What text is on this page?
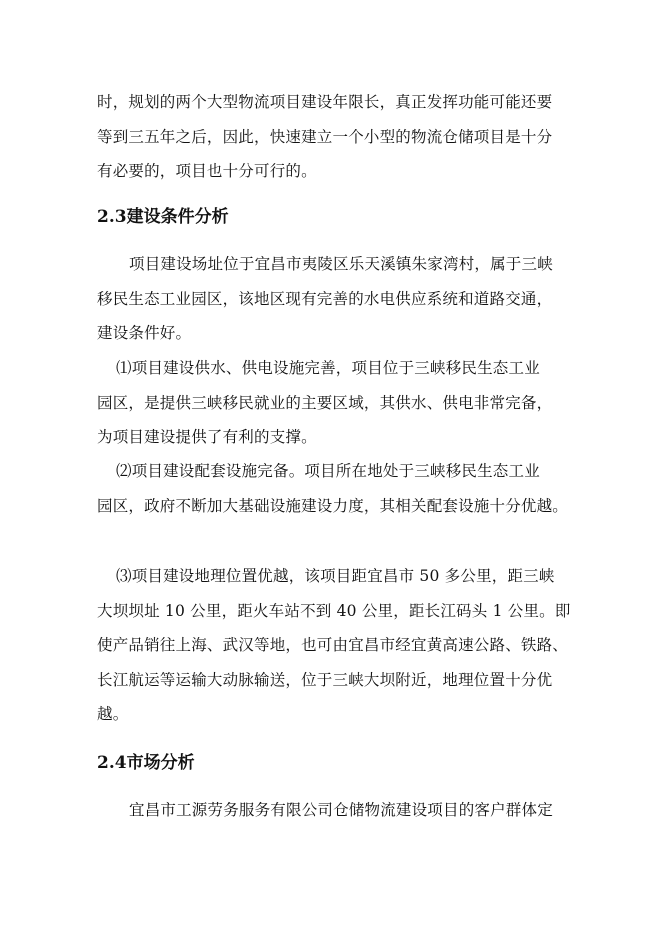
时，规划的两个大型物流项目建设年限长，真正发挥功能可能还要
等到三五年之后，因此，快速建立一个小型的物流仓储项目是十分
有必要的，项目也十分可行的。
2.3建设条件分析
项目建设场址位于宜昌市夷陵区乐天溪镇朱家湾村，属于三峡
移民生态工业园区，该地区现有完善的水电供应系统和道路交通，
建设条件好。
⑴项目建设供水、供电设施完善，项目位于三峡移民生态工业
园区，是提供三峡移民就业的主要区域，其供水、供电非常完备，
为项目建设提供了有利的支撑。
⑵项目建设配套设施完备。项目所在地处于三峡移民生态工业
园区，政府不断加大基础设施建设力度，其相关配套设施十分优越。
⑶项目建设地理位置优越，该项目距宜昌市 50 多公里，距三峡
大坝坝址 10 公里，距火车站不到 40 公里，距长江码头 1 公里。即
使产品销往上海、武汉等地，也可由宜昌市经宜黄高速公路、铁路、
长江航运等运输大动脉输送，位于三峡大坝附近，地理位置十分优
越。
2.4市场分析
宜昌市工源劳务服务有限公司仓储物流建设项目的客户群体定
